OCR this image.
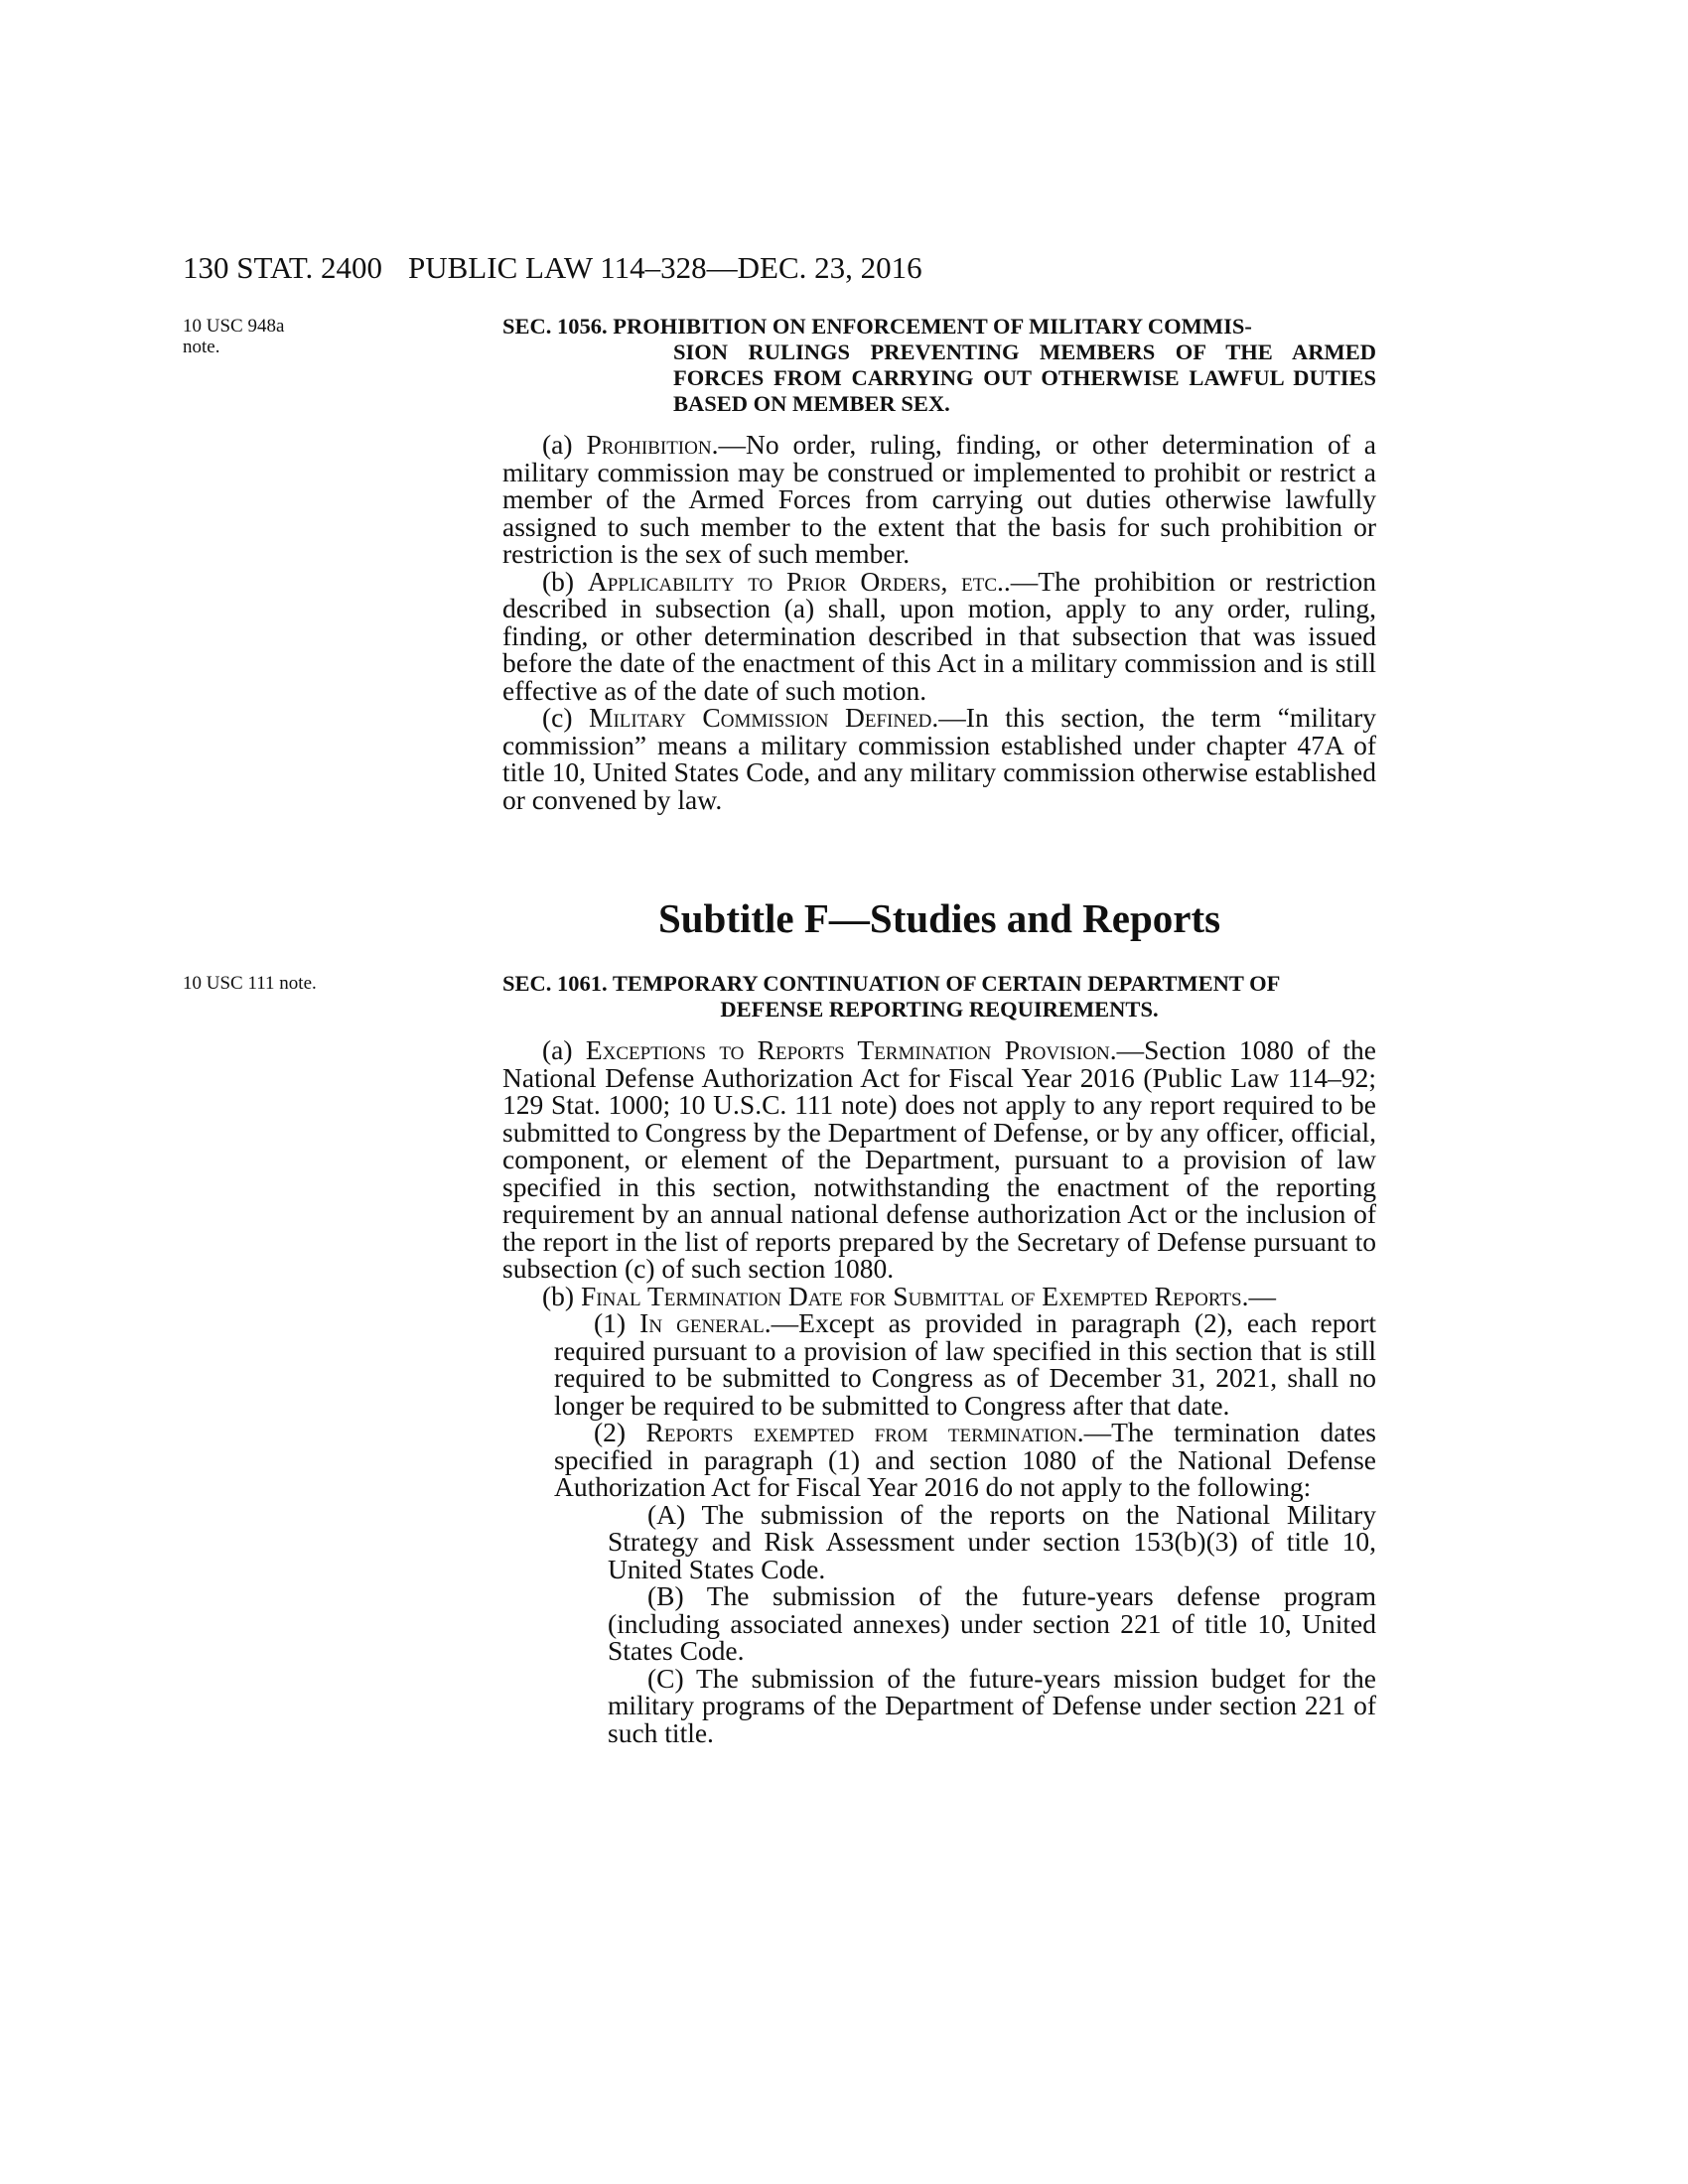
130 STAT. 2400 PUBLIC LAW 114–328—DEC. 23, 2016
10 USC 948a note.
SEC. 1056. PROHIBITION ON ENFORCEMENT OF MILITARY COMMIS-
SION RULINGS PREVENTING MEMBERS OF THE ARMED FORCES FROM CARRYING OUT OTHERWISE LAWFUL DUTIES BASED ON MEMBER SEX.

(a) Prohibition.—No order, ruling, finding, or other determination of a military commission may be construed or implemented to prohibit or restrict a member of the Armed Forces from carrying out duties otherwise lawfully assigned to such member to the extent that the basis for such prohibition or restriction is the sex of such member.

(b) Applicability to Prior Orders, etc..—The prohibition or restriction described in subsection (a) shall, upon motion, apply to any order, ruling, finding, or other determination described in that subsection that was issued before the date of the enactment of this Act in a military commission and is still effective as of the date of such motion.

(c) Military Commission Defined.—In this section, the term “military commission” means a military commission established under chapter 47A of title 10, United States Code, and any military commission otherwise established or convened by law.

Subtitle F—Studies and Reports
10 USC 111 note.	SEC. 1061. TEMPORARY CONTINUATION OF CERTAIN DEPARTMENT OF
DEFENSE REPORTING REQUIREMENTS.

(a) Exceptions to Reports Termination Provision.—Section 1080 of the National Defense Authorization Act for Fiscal Year 2016 (Public Law 114–92; 129 Stat. 1000; 10 U.S.C. 111 note) does not apply to any report required to be submitted to Congress by the Department of Defense, or by any officer, official, component, or element of the Department, pursuant to a provision of law specified in this section, notwithstanding the enactment of the reporting requirement by an annual national defense authorization Act or the inclusion of the report in the list of reports prepared by the Secretary of Defense pursuant to subsection (c) of such section 1080.

(b) Final Termination Date for Submittal of Exempted Reports.—

(1) In general.—Except as provided in paragraph (2), each report required pursuant to a provision of law specified in this section that is still required to be submitted to Congress as of December 31, 2021, shall no longer be required to be submitted to Congress after that date.

(2) Reports exempted from termination.—The termination dates specified in paragraph (1) and section 1080 of the National Defense Authorization Act for Fiscal Year 2016 do not apply to the following:

(A) The submission of the reports on the National Military Strategy and Risk Assessment under section 153(b)(3) of title 10, United States Code.

(B) The submission of the future-years defense program (including associated annexes) under section 221 of title 10, United States Code.

(C) The submission of the future-years mission budget for the military programs of the Department of Defense under section 221 of such title.
